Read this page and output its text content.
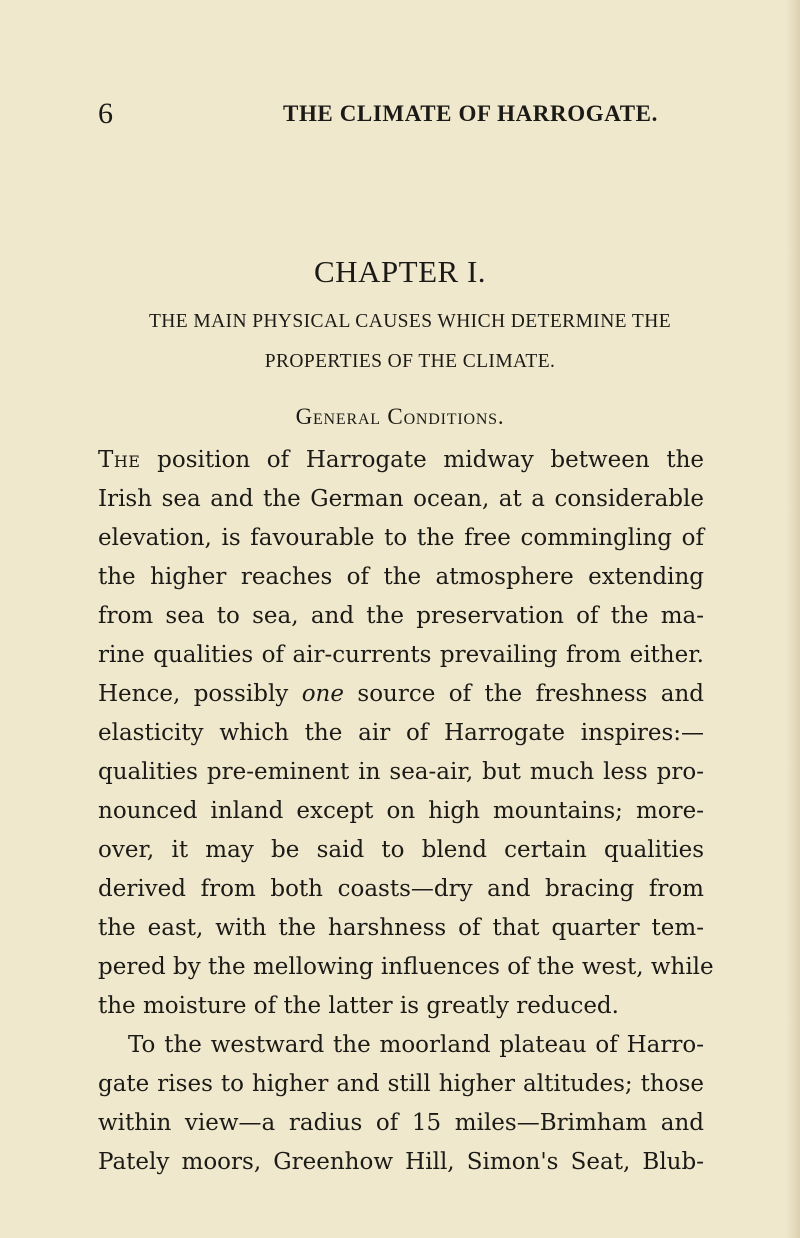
6	THE CLIMATE OF HARROGATE.
CHAPTER I.
THE MAIN PHYSICAL CAUSES WHICH DETERMINE THE
PROPERTIES OF THE CLIMATE.
General Conditions.
The position of Harrogate midway between the
Irish sea and the German ocean, at a considerable
elevation, is favourable to the free commingling of
the higher reaches of the atmosphere extending
from sea to sea, and the preservation of the ma-
rine qualities of air-currents prevailing from either.
Hence, possibly one source of the freshness and
elasticity which the air of Harrogate inspires:—
qualities pre-eminent in sea-air, but much less pro-
nounced inland except on high mountains; more-
over, it may be said to blend certain qualities
derived from both coasts—dry and bracing from
the east, with the harshness of that quarter tem-
pered by the mellowing influences of the west, while
the moisture of the latter is greatly reduced.
To the westward the moorland plateau of Harro-
gate rises to higher and still higher altitudes; those
within view—a radius of 15 miles—Brimham and
Pately moors, Greenhow Hill, Simon's Seat, Blub-
